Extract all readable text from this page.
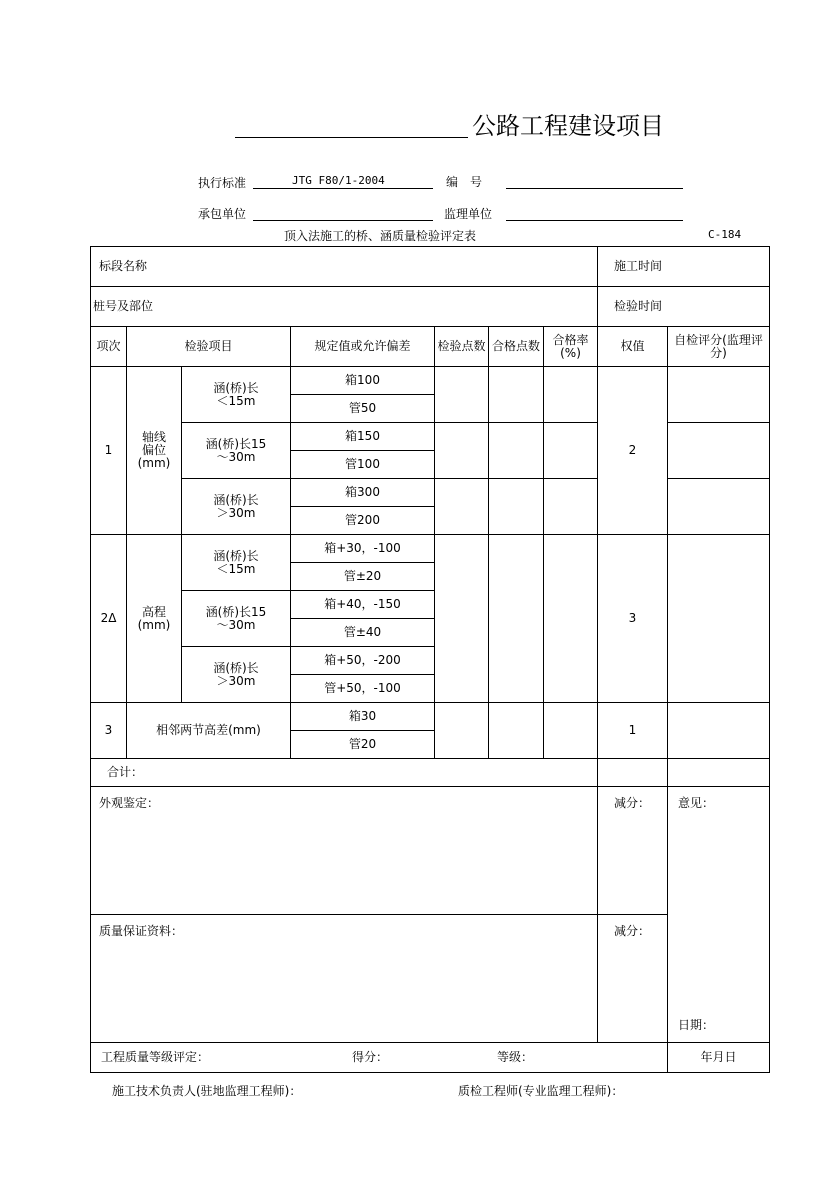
公路工程建设项目
执行标准	JTG F80/1-2004	编　号
承包单位	监理单位
顶入法施工的桥、涵质量检验评定表	C-184
标段名称							施工时间	
桩号及部位							检验时间	
项次	检验项目		规定值或允许偏差	检验点数	合格点数	合格率(%)	权值	自检评分(监理评分)
1	轴线偏位(mm)	涵(桥)长＜15m	箱100				2	
			管50					
		涵(桥)长15～30m	箱150					
			管100					
		涵(桥)长＞30m	箱300					
			管200					
2Δ	高程(mm)	涵(桥)长＜15m	箱+30，-100				3	
			管±20					
		涵(桥)长15～30m	箱+40，-150					
			管±40					
		涵(桥)长＞30m	箱+50，-200					
			管+50，-100					
3	相邻两节高差(mm)		箱30				1	
			管20					
合计：								
外观鉴定：							减分：	意见：
日期：

质量保证资料：							减分：	
工程质量等级评定： 得分： 等级：								年月日
施工技术负责人(驻地监理工程师)：	质检工程师(专业监理工程师)：
